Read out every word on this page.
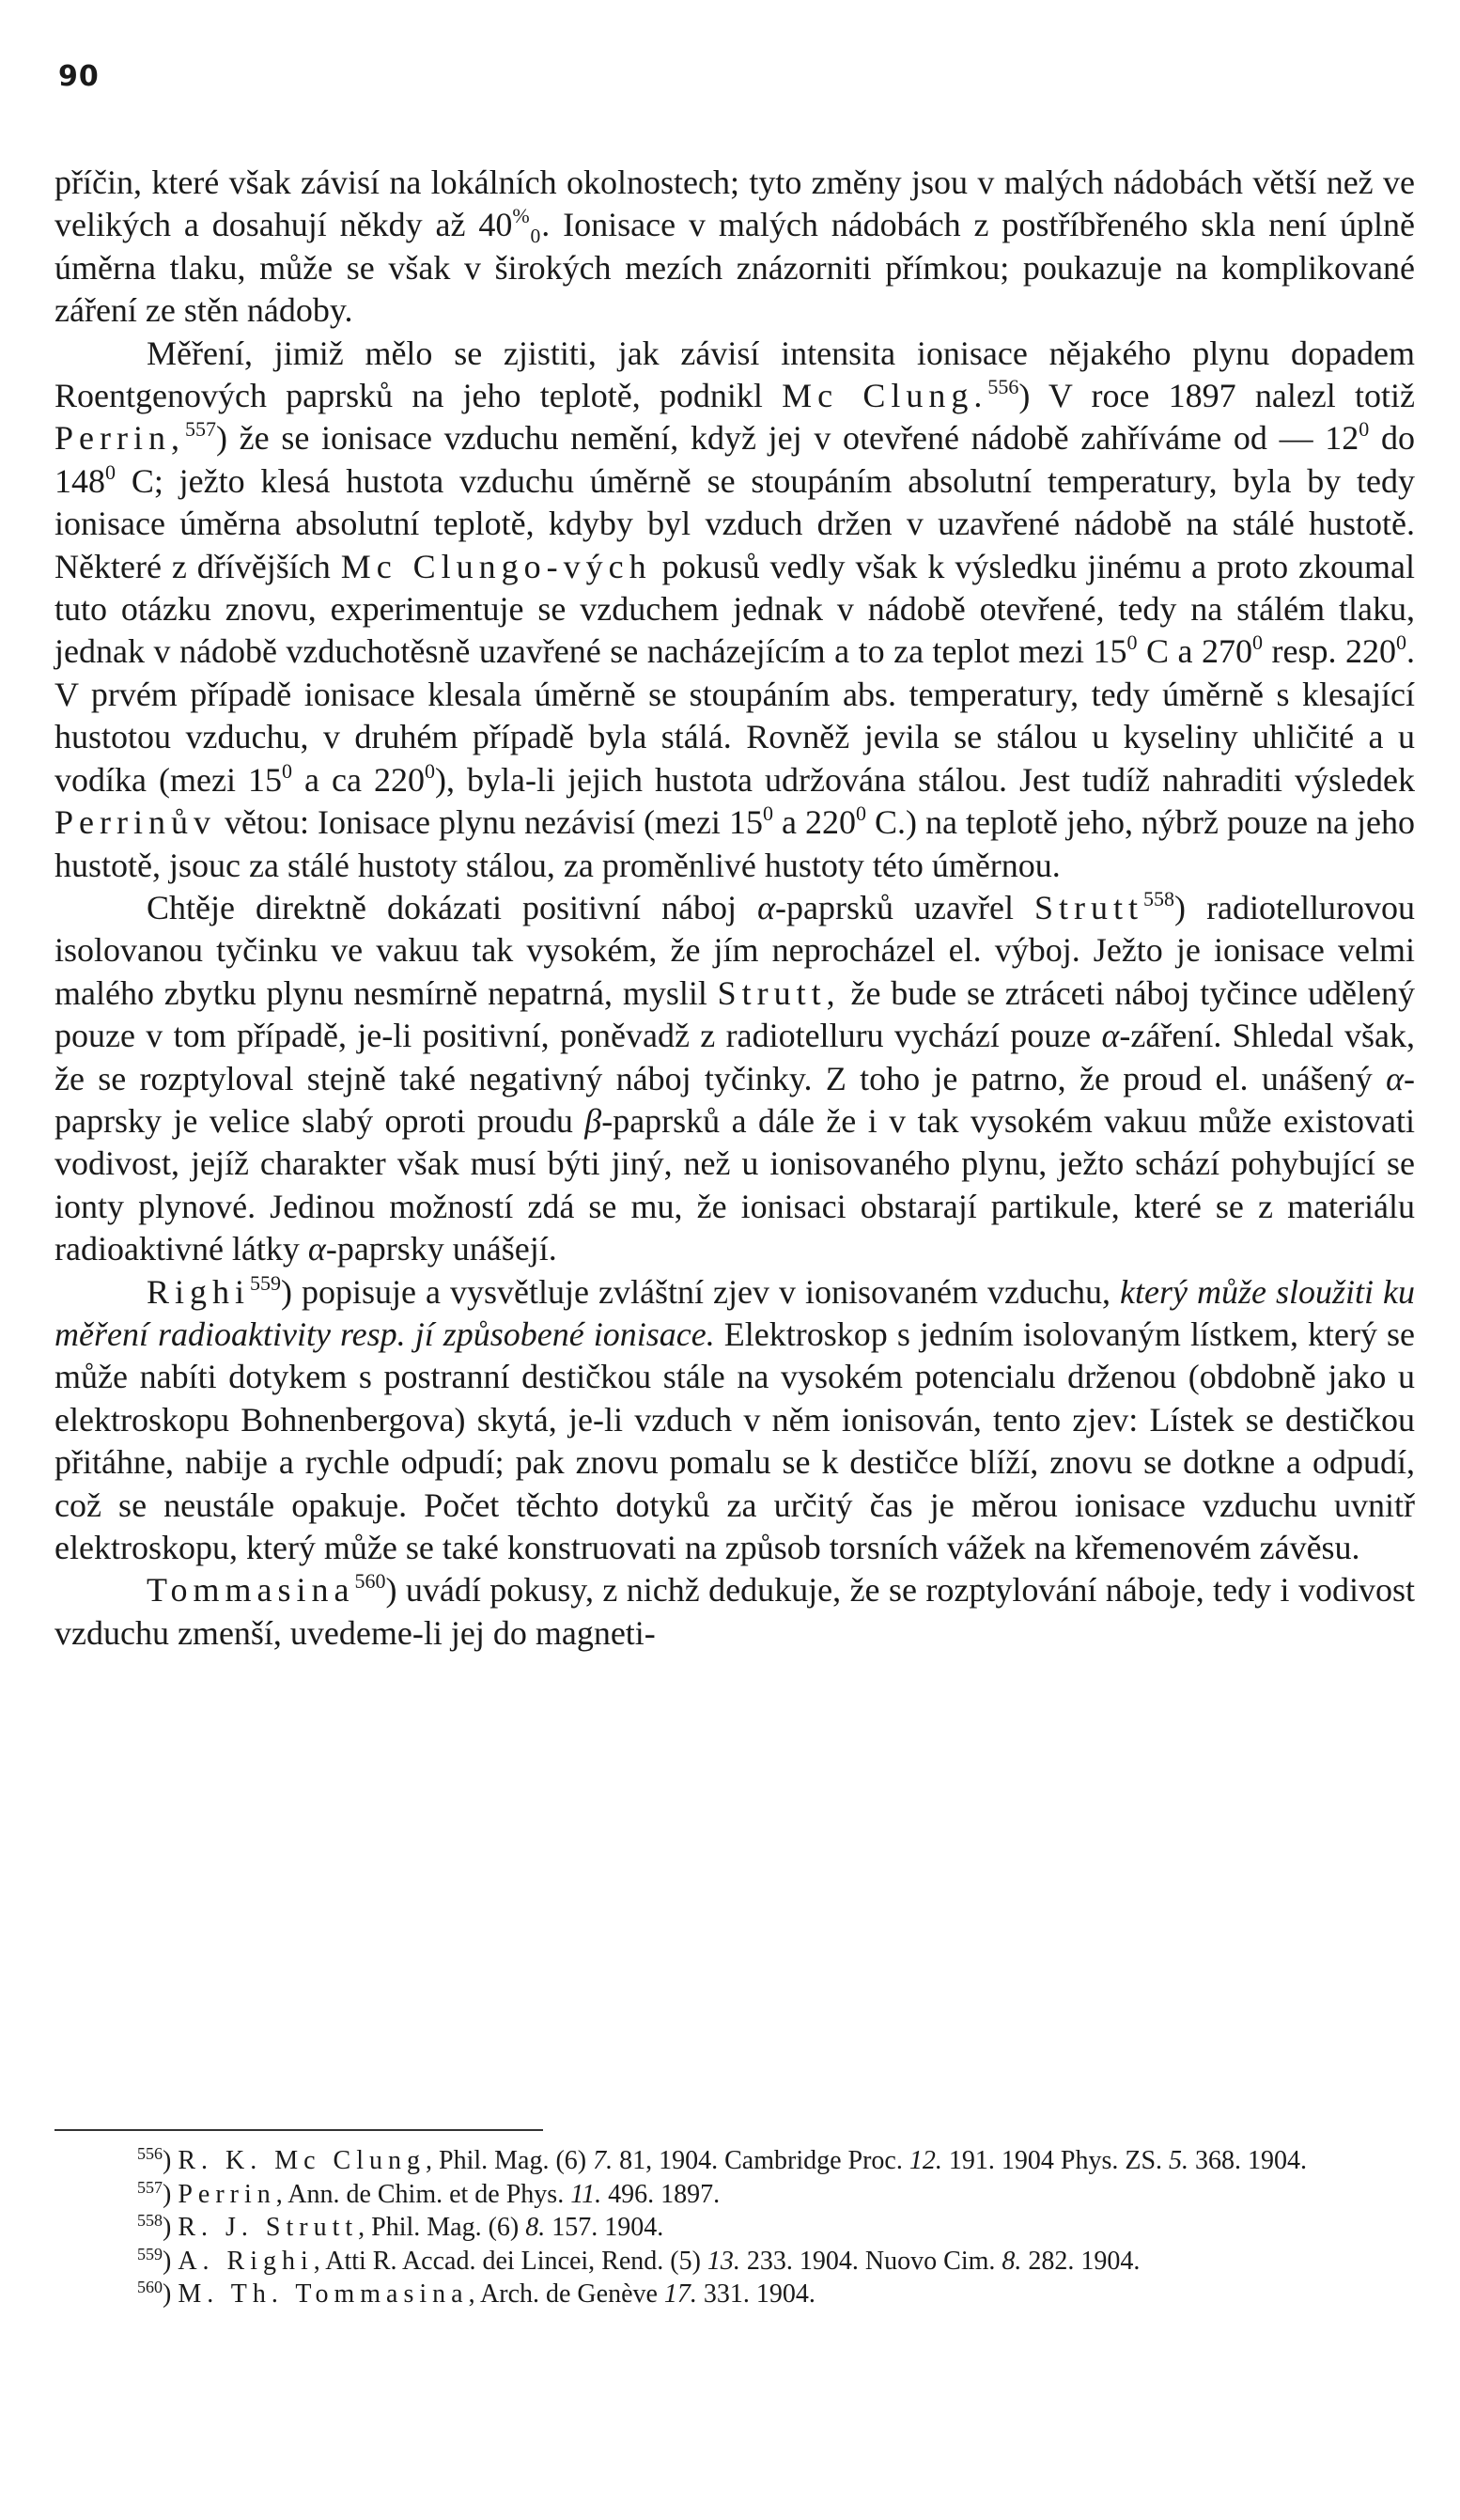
90

příčin, které však závisí na lokálních okolnostech; tyto změny jsou v malých nádobách větší než ve velikých a dosahují někdy až 40%₀. Ionisace v malých nádobách z postříbřeného skla není úplně úměrna tlaku, může se však v širokých mezích znázorniti přímkou; poukazuje na komplikované záření ze stěn nádoby.

Měření, jimiž mělo se zjistiti, jak závisí intensita ionisace nějakého plynu dopadem Roentgenových paprsků na jeho teplotě, podnikl Mc Clung.$^{556}$) V roce 1897 nalezl totiž Perrin,$^{557}$) že se ionisace vzduchu nemění, když jej v otevřené nádobě zahříváme od — $12^0$ do $148^0$ C; ježto klesá hustota vzduchu úměrně se stoupáním absolutní temperatury, byla by tedy ionisace úměrna absolutní teplotě, kdyby byl vzduch držen v uzavřené nádobě na stálé hustotě. Některé z dřívějších Mc Clungo-vých pokusů vedly však k výsledku jinému a proto zkoumal tuto otázku znovu, experimentuje se vzduchem jednak v nádobě otevřené, tedy na stálém tlaku, jednak v nádobě vzduchotěsně uzavřené se nacházejícím a to za teplot mezi $15^0$ C a $270^0$ resp. $220^0$. V prvém případě ionisace klesala úměrně se stoupáním abs. temperatury, tedy úměrně s klesající hustotou vzduchu, v druhém případě byla stálá. Rovněž jevila se stálou u kyseliny uhličité a u vodíka (mezi $15^0$ a ca $220^0$), byla-li jejich hustota udržována stálou. Jest tudíž nahraditi výsledek Perrinův větou: Ionisace plynu nezávisí (mezi $15^0$ a $220^0$ C.) na teplotě jeho, nýbrž pouze na jeho hustotě, jsouc za stálé hustoty stálou, za proměnlivé hustoty této úměrnou.

Chtěje direktně dokázati positivní náboj α-paprsků uzavřel Strutt$^{558}$) radiotellurovou isolovanou tyčinku ve vakuu tak vysokém, že jím neprocházel el. výboj. Ježto je ionisace velmi malého zbytku plynu nesmírně nepatrná, myslil Strutt, že bude se ztráceti náboj tyčince udělený pouze v tom případě, je-li positivní, poněvadž z radiotelluru vychází pouze α-záření. Shledal však, že se rozptyloval stejně také negativný náboj tyčinky. Z toho je patrno, že proud el. unášený α-paprsky je velice slabý oproti proudu β-paprsků a dále že i v tak vysokém vakuu může existovati vodivost, jejíž charakter však musí býti jiný, než u ionisovaného plynu, ježto schází pohybující se ionty plynové. Jedinou možností zdá se mu, že ionisaci obstarají partikule, které se z materiálu radioaktivné látky α-paprsky unášejí.

Righi$^{559}$) popisuje a vysvětluje zvláštní zjev v ionisovaném vzduchu, který může sloužiti ku měření radioaktivity resp. jí způsobené ionisace. Elektroskop s jedním isolovaným lístkem, který se může nabíti dotykem s postranní destičkou stále na vysokém potencialu drženou (obdobně jako u elektroskopu Bohnenbergova) skytá, je-li vzduch v něm ionisován, tento zjev: Lístek se destičkou přitáhne, nabije a rychle odpudí; pak znovu pomalu se k destičce blíží, znovu se dotkne a odpudí, což se neustále opakuje. Počet těchto dotyků za určitý čas je měrou ionisace vzduchu uvnitř elektroskopu, který může se také konstruovati na způsob torsních vážek na křemenovém závěsu.

Tommasina$^{560}$) uvádí pokusy, z nichž dedukuje, že se rozptylování náboje, tedy i vodivost vzduchu zmenší, uvedeme-li jej do magneti-

$^{556}$) R. K. Mc Clung, Phil. Mag. (6) 7. 81, 1904. Cambridge Proc. 12. 191. 1904 Phys. ZS. 5. 368. 1904.

$^{557}$) Perrin, Ann. de Chim. et de Phys. 11. 496. 1897.

$^{558}$) R. J. Strutt, Phil. Mag. (6) 8. 157. 1904.

$^{559}$) A. Righi, Atti R. Accad. dei Lincei, Rend. (5) 13. 233. 1904. Nuovo Cim. 8. 282. 1904.

$^{560}$) M. Th. Tommasina, Arch. de Genève 17. 331. 1904.
